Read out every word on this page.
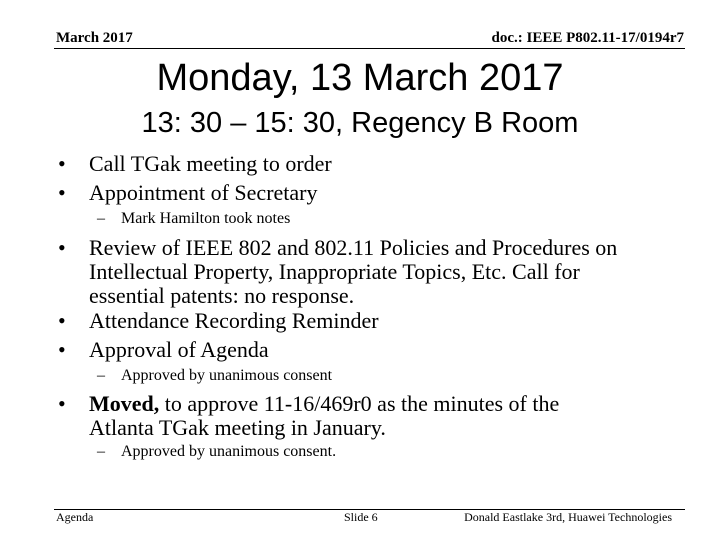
March 2017	doc.: IEEE P802.11-17/0194r7
Monday, 13 March 2017
13: 30 – 15: 30, Regency B Room
• Call TGak meeting to order
• Appointment of Secretary
– Mark Hamilton took notes
• Review of IEEE 802 and 802.11 Policies and Procedures on
Intellectual Property, Inappropriate Topics, Etc. Call for
essential patents: no response.
• Attendance Recording Reminder
• Approval of Agenda
– Approved by unanimous consent
• Moved, to approve 11-16/469r0 as the minutes of the
Atlanta TGak meeting in January.
– Approved by unanimous consent.
Agenda	Slide 6	Donald Eastlake 3rd, Huawei Technologies
